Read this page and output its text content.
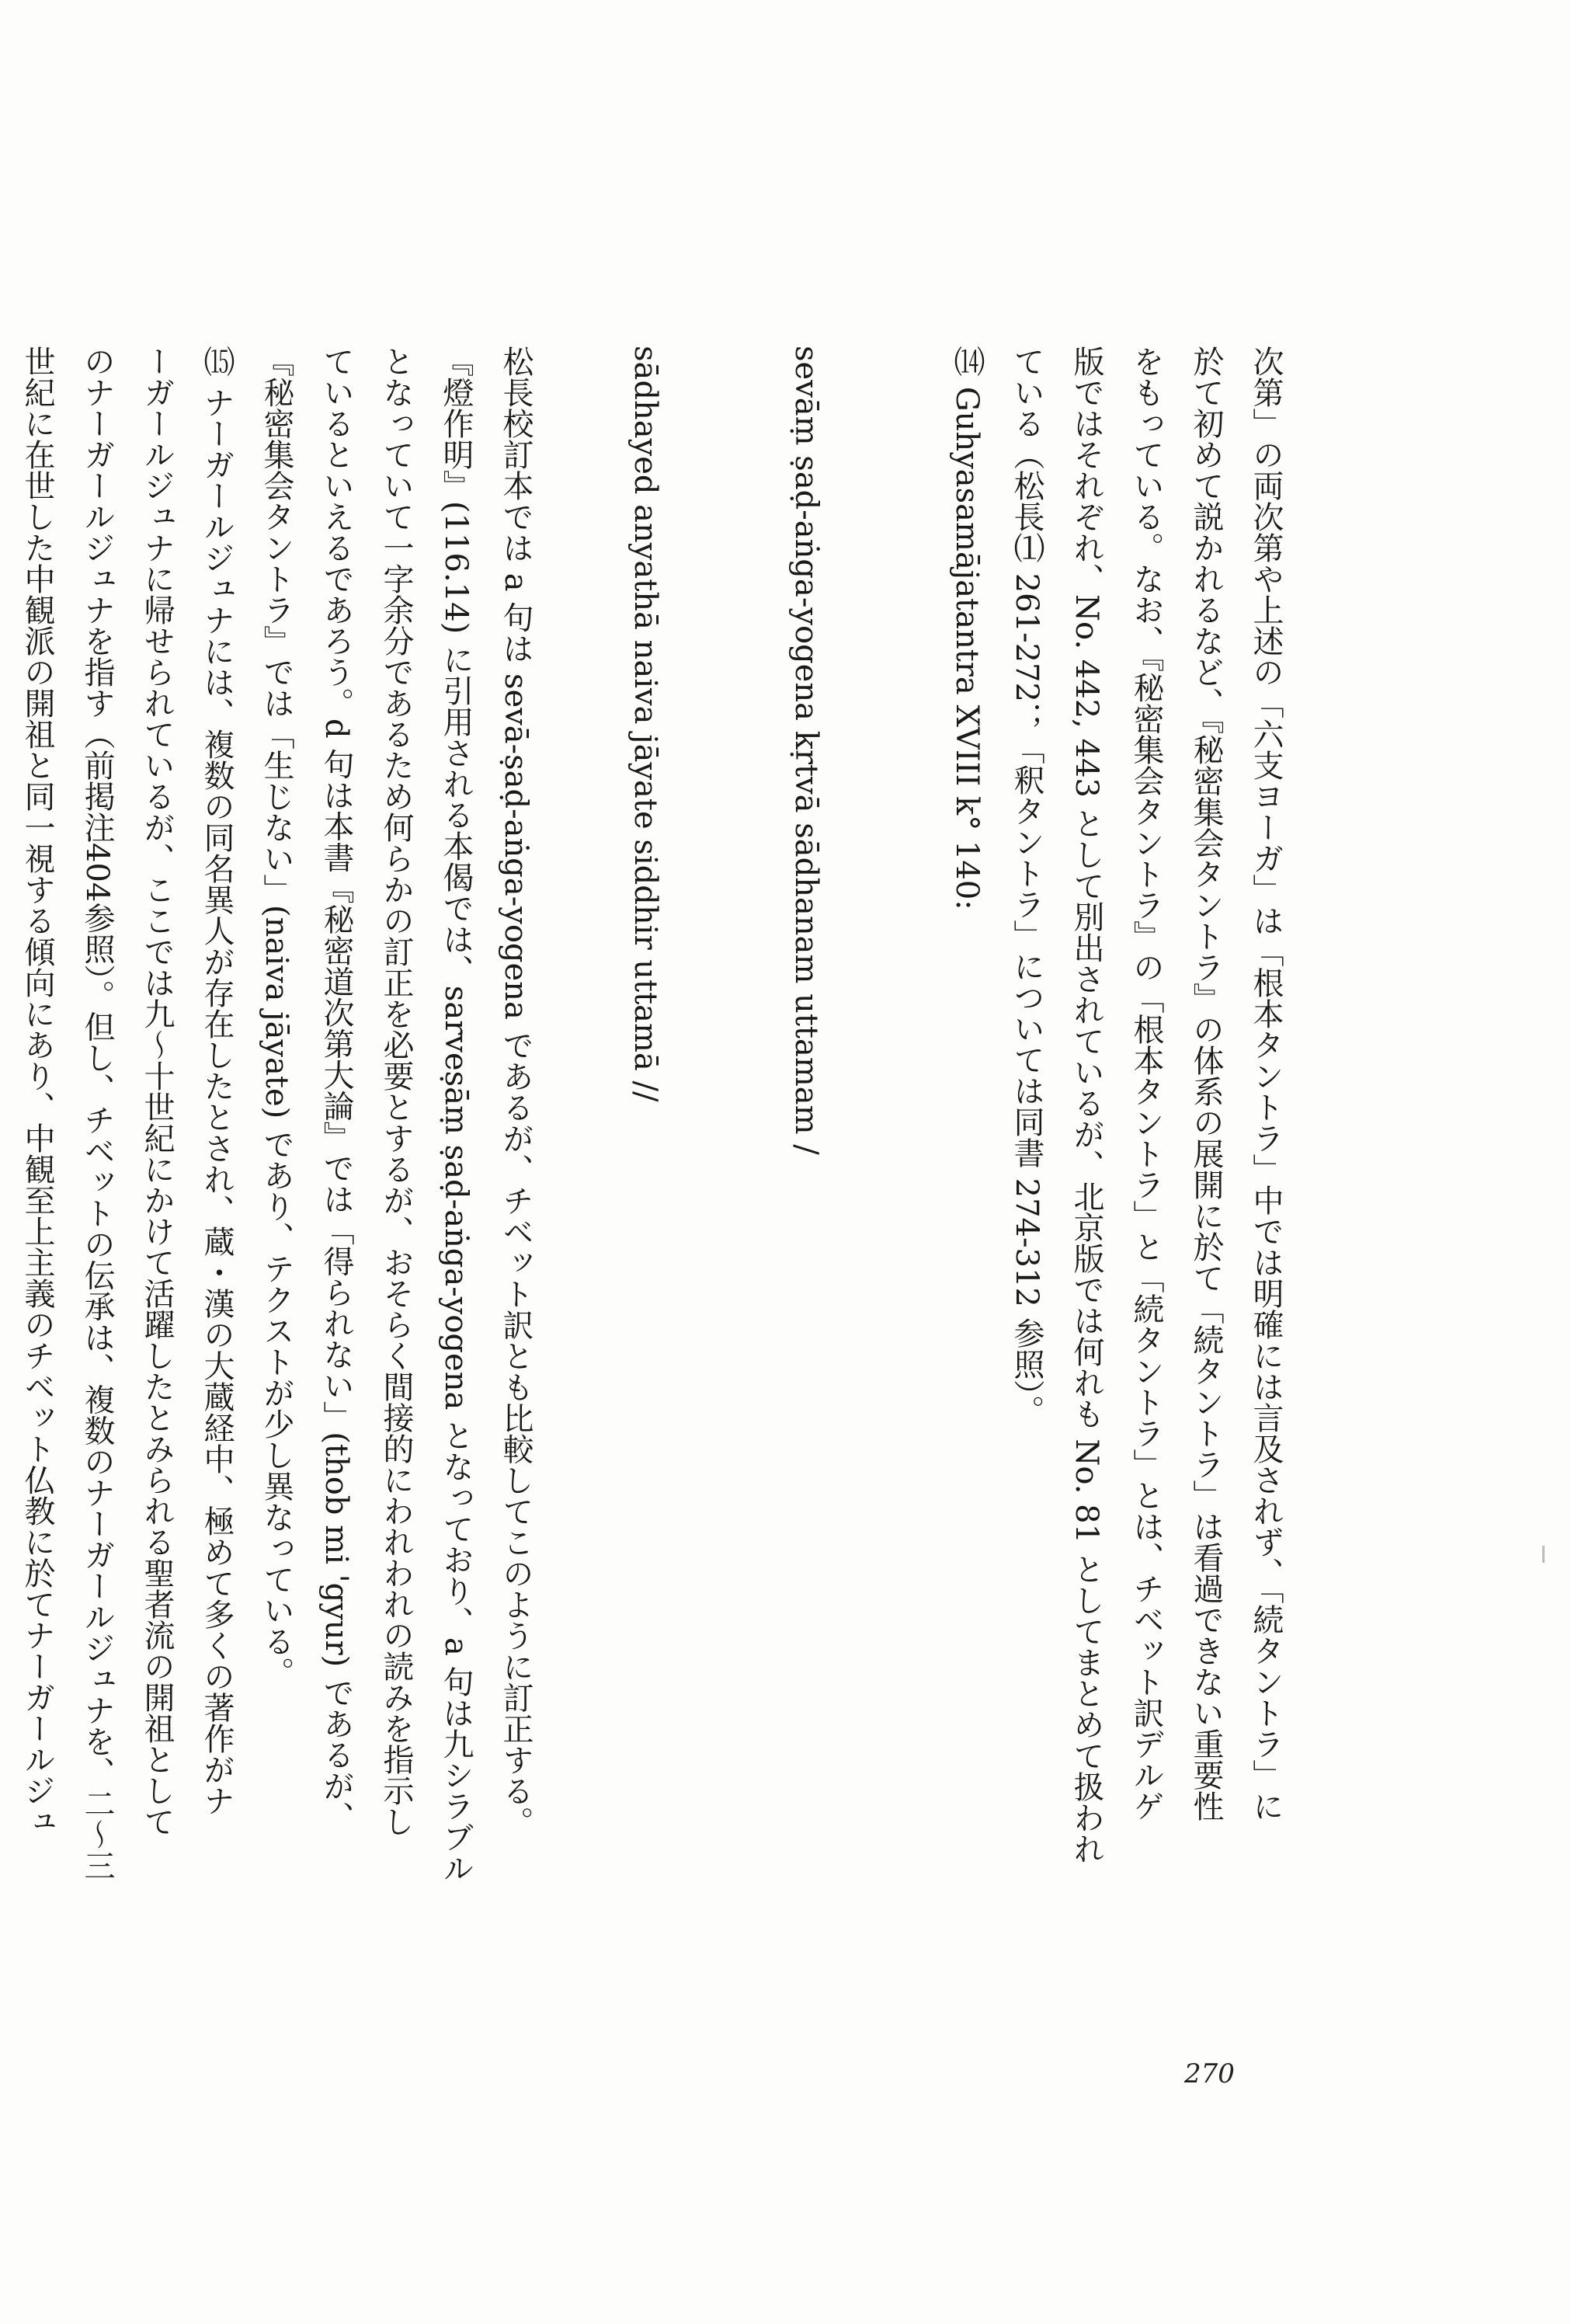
次第」の両次第や上述の「六支ヨーガ」は「根本タントラ」中では明確には言及されず、「続タントラ」に
於て初めて説かれるなど、『秘密集会タントラ』の体系の展開に於て「続タントラ」は看過できない重要性
をもっている。なお、『秘密集会タントラ』の「根本タントラ」と「続タントラ」とは、チベット訳デルゲ
版ではそれぞれ、No. 442, 443 として別出されているが、北京版では何れも No. 81 としてまとめて扱われ
ている（松長⑴ 261-272；「釈タントラ」については同書 274-312 参照）。
⒁ Guhyasamājatantra XVIII k° 140:
sevāṃ ṣaḍ-aṅga-yogena kṛtvā sādhanam uttamam /
sādhayed anyathā naiva jāyate siddhir uttamā //
松長校訂本では a 句は sevā-ṣaḍ-aṅga-yogena であるが、チベット訳とも比較してこのように訂正する。
『燈作明』(116.14) に引用される本偈では、sarveṣāṃ ṣaḍ-aṅga-yogena となっており、a 句は九シラブル
となっていて一字余分であるため何らかの訂正を必要とするが、おそらく間接的にわれわれの読みを指示し
ているといえるであろう。d 句は本書『秘密道次第大論』では「得られない」(thob mi 'gyur) であるが、
『秘密集会タントラ』では「生じない」(naiva jāyate) であり、テクストが少し異なっている。
⒂ ナーガールジュナには、複数の同名異人が存在したとされ、蔵・漢の大蔵経中、極めて多くの著作がナ
ーガールジュナに帰せられているが、ここでは九～十世紀にかけて活躍したとみられる聖者流の開祖として
のナーガールジュナを指す（前掲注404参照）。但し、チベットの伝承は、複数のナーガールジュナを、二～三
世紀に在世した中観派の開祖と同一視する傾向にあり、中観至上主義のチベット仏教に於てナーガールジュ
270
